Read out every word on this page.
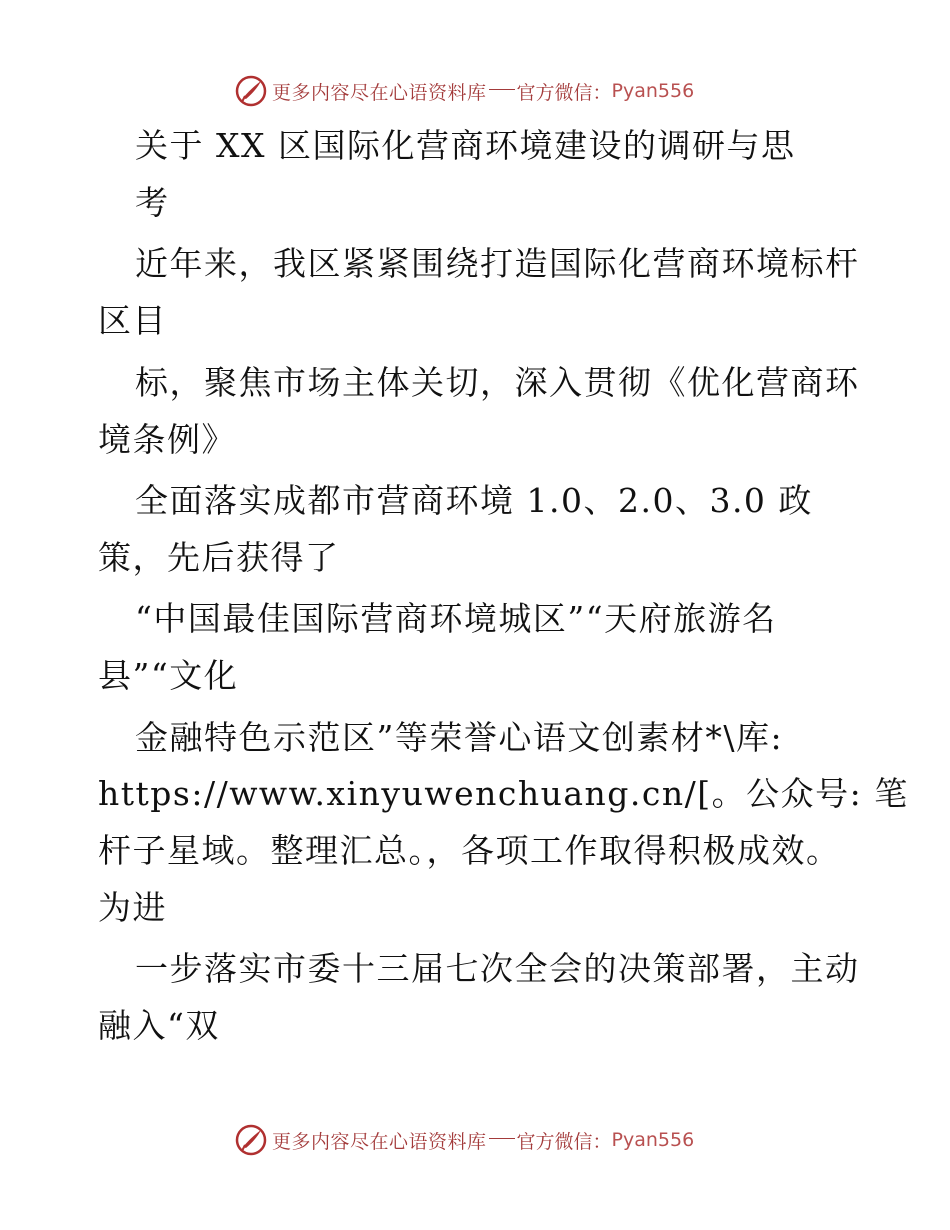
更多内容尽在心语资料库 官方微信： Pyan556
关于 XX 区国际化营商环境建设的调研与思
考
近年来，我区紧紧围绕打造国际化营商环境标杆
区目
标，聚焦市场主体关切，深入贯彻《优化营商环
境条例》
全面落实成都市营商环境 1.0、2.0、3.0 政
策，先后获得了
“中国最佳国际营商环境城区”“天府旅游名
县”“文化
金融特色示范区”等荣誉心语文创素材*\库:
https://www.xinyuwenchuang.cn/[。公众号: 笔
杆子星域。整理汇总。，各项工作取得积极成效。
为进
一步落实市委十三届七次全会的决策部署，主动
融入“双
更多内容尽在心语资料库 官方微信： Pyan556
